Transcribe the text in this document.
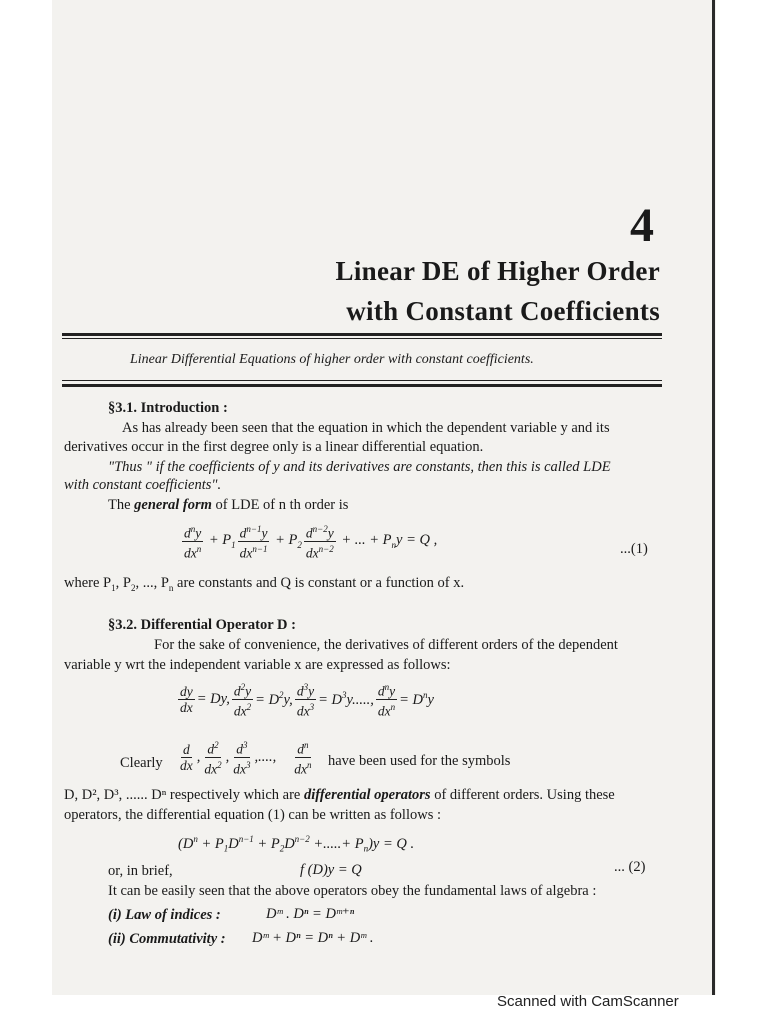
4
Linear DE of Higher Order
with Constant Coefficients
Linear Differential Equations of higher order with constant coefficients.
§3.1. Introduction :
As has already been seen that the equation in which the dependent variable y and its
derivatives occur in the first degree only is a linear differential equation.
"Thus " if the coefficients of y and its derivatives are constants, then this is called LDE
with constant coefficients".
The general form of LDE of n th order is
$\frac{d^ny}{dx^n} + P_1 \frac{d^{n-1}y}{dx^{n-1}} + P_2 \frac{d^{n-2}y}{dx^{n-2}}$ + ... + $P_ny = Q$ ,
...(1)
where $P_1$, $P_2$, ..., $P_n$ are constants and Q is constant or a function of x.
§3.2. Differential Operator D :
For the sake of convenience, the derivatives of different orders of the dependent
variable y wrt the independent variable x are expressed as follows:
$\frac{dy}{dx} = Dy$, $\frac{d^2y}{dx^2} = D^2y$, $\frac{d^3y}{dx^3} = D^3y$....., $\frac{d^ny}{dx^n} = D^ny$
Clearly $\frac{d}{dx}$ , $\frac{d^2}{dx^2}$ , $\frac{d^3}{dx^3}$ ,...., $\frac{d^n}{dx^n}$ have been used for the symbols
D, D², D³, ...... Dⁿ respectively which are differential operators of different orders. Using these
operators, the differential equation (1) can be written as follows :
($D^n + P_1D^{n-1} + P_2D^{n-2}$ +.....+ $P_n)y = Q$ .
or, in brief,	f (D)y = Q	... (2)
It can be easily seen that the above operators obey the fundamental laws of algebra :
(i) Law of indices :	Dᵐ . Dⁿ = Dᵐ⁺ⁿ
(ii) Commutativity : Dᵐ + Dⁿ = Dⁿ + Dᵐ .
Scanned with CamScanner
